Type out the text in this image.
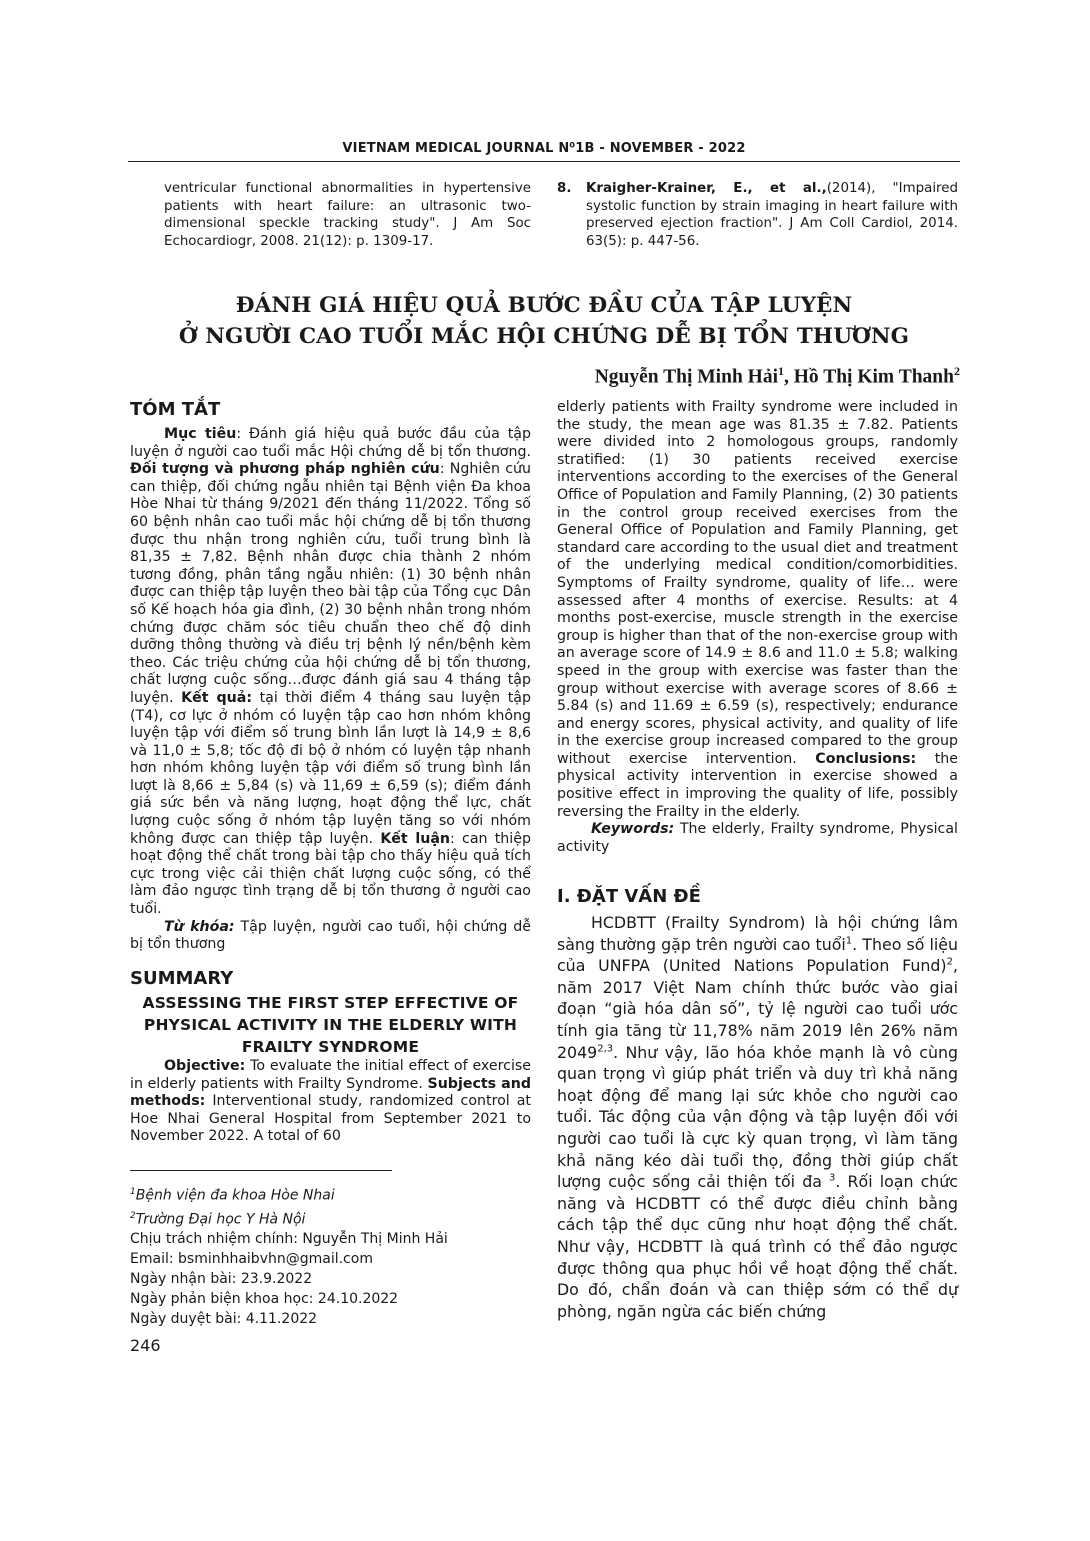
VIETNAM MEDICAL JOURNAL N⁰1B - NOVEMBER - 2022
ventricular functional abnormalities in hypertensive patients with heart failure: an ultrasonic two-dimensional speckle tracking study". J Am Soc Echocardiogr, 2008. 21(12): p. 1309-17.
8. Kraigher-Krainer, E., et al.,(2014), "Impaired systolic function by strain imaging in heart failure with preserved ejection fraction". J Am Coll Cardiol, 2014. 63(5): p. 447-56.
ĐÁNH GIÁ HIỆU QUẢ BƯỚC ĐẦU CỦA TẬP LUYỆN
Ở NGƯỜI CAO TUỔI MẮC HỘI CHỨNG DỄ BỊ TỔN THƯƠNG
Nguyễn Thị Minh Hải$^1$, Hồ Thị Kim Thanh$^2$
TÓM TẮT

Mục tiêu: Đánh giá hiệu quả bước đầu của tập luyện ở người cao tuổi mắc Hội chứng dễ bị tổn thương. Đối tượng và phương pháp nghiên cứu: Nghiên cứu can thiệp, đối chứng ngẫu nhiên tại Bệnh viện Đa khoa Hòe Nhai từ tháng 9/2021 đến tháng 11/2022. Tổng số 60 bệnh nhân cao tuổi mắc hội chứng dễ bị tổn thương được thu nhận trong nghiên cứu, tuổi trung bình là 81,35 ± 7,82. Bệnh nhân được chia thành 2 nhóm tương đồng, phân tầng ngẫu nhiên: (1) 30 bệnh nhân được can thiệp tập luyện theo bài tập của Tổng cục Dân số Kế hoạch hóa gia đình, (2) 30 bệnh nhân trong nhóm chứng được chăm sóc tiêu chuẩn theo chế độ dinh dưỡng thông thường và điều trị bệnh lý nền/bệnh kèm theo. Các triệu chứng của hội chứng dễ bị tổn thương, chất lượng cuộc sống…được đánh giá sau 4 tháng tập luyện. Kết quả: tại thời điểm 4 tháng sau luyện tập (T4), cơ lực ở nhóm có luyện tập cao hơn nhóm không luyện tập với điểm số trung bình lần lượt là 14,9 ± 8,6 và 11,0 ± 5,8; tốc độ đi bộ ở nhóm có luyện tập nhanh hơn nhóm không luyện tập với điểm số trung bình lần lượt là 8,66 ± 5,84 (s) và 11,69 ± 6,59 (s); điểm đánh giá sức bền và năng lượng, hoạt động thể lực, chất lượng cuộc sống ở nhóm tập luyện tăng so với nhóm không được can thiệp tập luyện. Kết luận: can thiệp hoạt động thể chất trong bài tập cho thấy hiệu quả tích cực trong việc cải thiện chất lượng cuộc sống, có thể làm đảo ngược tình trạng dễ bị tổn thương ở người cao tuổi.

Từ khóa: Tập luyện, người cao tuổi, hội chứng dễ bị tổn thương

SUMMARY
ASSESSING THE FIRST STEP EFFECTIVE OF PHYSICAL ACTIVITY IN THE ELDERLY WITH FRAILTY SYNDROME

Objective: To evaluate the initial effect of exercise in elderly patients with Frailty Syndrome. Subjects and methods: Interventional study, randomized control at Hoe Nhai General Hospital from September 2021 to November 2022. A total of 60

elderly patients with Frailty syndrome were included in the study, the mean age was 81.35 ± 7.82. Patients were divided into 2 homologous groups, randomly stratified: (1) 30 patients received exercise interventions according to the exercises of the General Office of Population and Family Planning, (2) 30 patients in the control group received exercises from the General Office of Population and Family Planning, get standard care according to the usual diet and treatment of the underlying medical condition/comorbidities. Symptoms of Frailty syndrome, quality of life… were assessed after 4 months of exercise. Results: at 4 months post-exercise, muscle strength in the exercise group is higher than that of the non-exercise group with an average score of 14.9 ± 8.6 and 11.0 ± 5.8; walking speed in the group with exercise was faster than the group without exercise with average scores of 8.66 ± 5.84 (s) and 11.69 ± 6.59 (s), respectively; endurance and energy scores, physical activity, and quality of life in the exercise group increased compared to the group without exercise intervention. Conclusions: the physical activity intervention in exercise showed a positive effect in improving the quality of life, possibly reversing the Frailty in the elderly.

Keywords: The elderly, Frailty syndrome, Physical activity

I. ĐẶT VẤN ĐỀ

HCDBTT (Frailty Syndrom) là hội chứng lâm sàng thường gặp trên người cao tuổi$^1$. Theo số liệu của UNFPA (United Nations Population Fund)$^2$, năm 2017 Việt Nam chính thức bước vào giai đoạn “già hóa dân số”, tỷ lệ người cao tuổi ước tính gia tăng từ 11,78% năm 2019 lên 26% năm 2049$^{2,3}$. Như vậy, lão hóa khỏe mạnh là vô cùng quan trọng vì giúp phát triển và duy trì khả năng hoạt động để mang lại sức khỏe cho người cao tuổi. Tác động của vận động và tập luyện đối với người cao tuổi là cực kỳ quan trọng, vì làm tăng khả năng kéo dài tuổi thọ, đồng thời giúp chất lượng cuộc sống cải thiện tối đa $^3$. Rối loạn chức năng và HCDBTT có thể được điều chỉnh bằng cách tập thể dục cũng như hoạt động thể chất. Như vậy, HCDBTT là quá trình có thể đảo ngược được thông qua phục hồi về hoạt động thể chất. Do đó, chẩn đoán và can thiệp sớm có thể dự phòng, ngăn ngừa các biến chứng

$^1$Bệnh viện đa khoa Hòe Nhai
$^2$Trường Đại học Y Hà Nội
Chịu trách nhiệm chính: Nguyễn Thị Minh Hải
Email: bsminhhaibvhn@gmail.com
Ngày nhận bài: 23.9.2022
Ngày phản biện khoa học: 24.10.2022
Ngày duyệt bài: 4.11.2022
246
